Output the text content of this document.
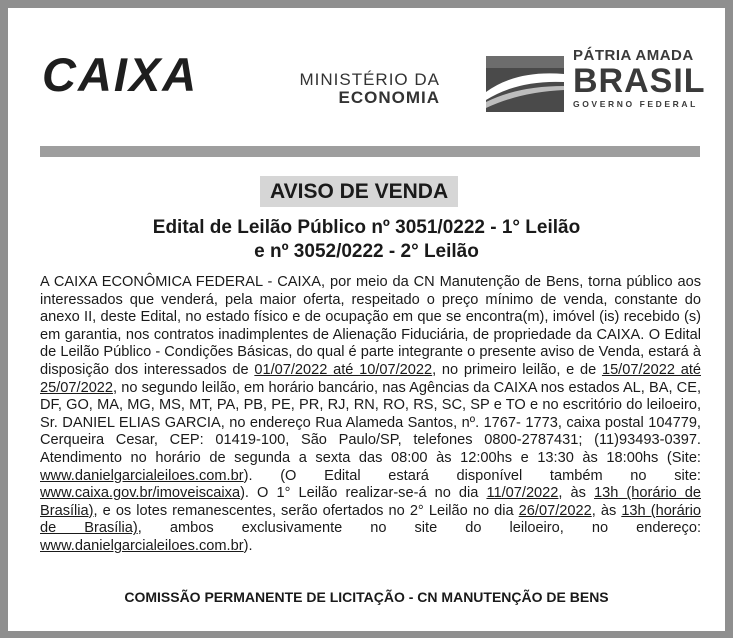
CAIXA	MINISTÉRIO DA
ECONOMIA
PÁTRIA AMADA
BRASIL
GOVERNO FEDERAL
AVISO DE VENDA
Edital de Leilão Público nº 3051/0222 - 1° Leilão
e nº 3052/0222 - 2° Leilão
A CAIXA ECONÔMICA FEDERAL - CAIXA, por meio da CN Manutenção de Bens, torna público aos interessados que venderá, pela maior oferta, respeitado o preço mínimo de venda, constante do anexo II, deste Edital, no estado físico e de ocupação em que se encontra(m), imóvel (is) recebido (s) em garantia, nos contratos inadimplentes de Alienação Fiduciária, de propriedade da CAIXA. O Edital de Leilão Público - Condições Básicas, do qual é parte integrante o presente aviso de Venda, estará à disposição dos interessados de 01/07/2022 até 10/07/2022, no primeiro leilão, e de 15/07/2022 até 25/07/2022, no segundo leilão, em horário bancário, nas Agências da CAIXA nos estados AL, BA, CE, DF, GO, MA, MG, MS, MT, PA, PB, PE, PR, RJ, RN, RO, RS, SC, SP e TO e no escritório do leiloeiro, Sr. DANIEL ELIAS GARCIA, no endereço Rua Alameda Santos, nº. 1767- 1773, caixa postal 104779, Cerqueira Cesar, CEP: 01419-100, São Paulo/SP, telefones 0800-2787431; (11)93493-0397. Atendimento no horário de segunda a sexta das 08:00 às 12:00hs e 13:30 às 18:00hs (Site: www.danielgarcialeiloes.com.br). (O Edital estará disponível também no site: www.caixa.gov.br/imoveiscaixa). O 1° Leilão realizar-se-á no dia 11/07/2022, às 13h (horário de Brasília), e os lotes remanescentes, serão ofertados no 2° Leilão no dia 26/07/2022, às 13h (horário de Brasília), ambos exclusivamente no site do leiloeiro, no endereço: www.danielgarcialeiloes.com.br).
COMISSÃO PERMANENTE DE LICITAÇÃO - CN MANUTENÇÃO DE BENS
